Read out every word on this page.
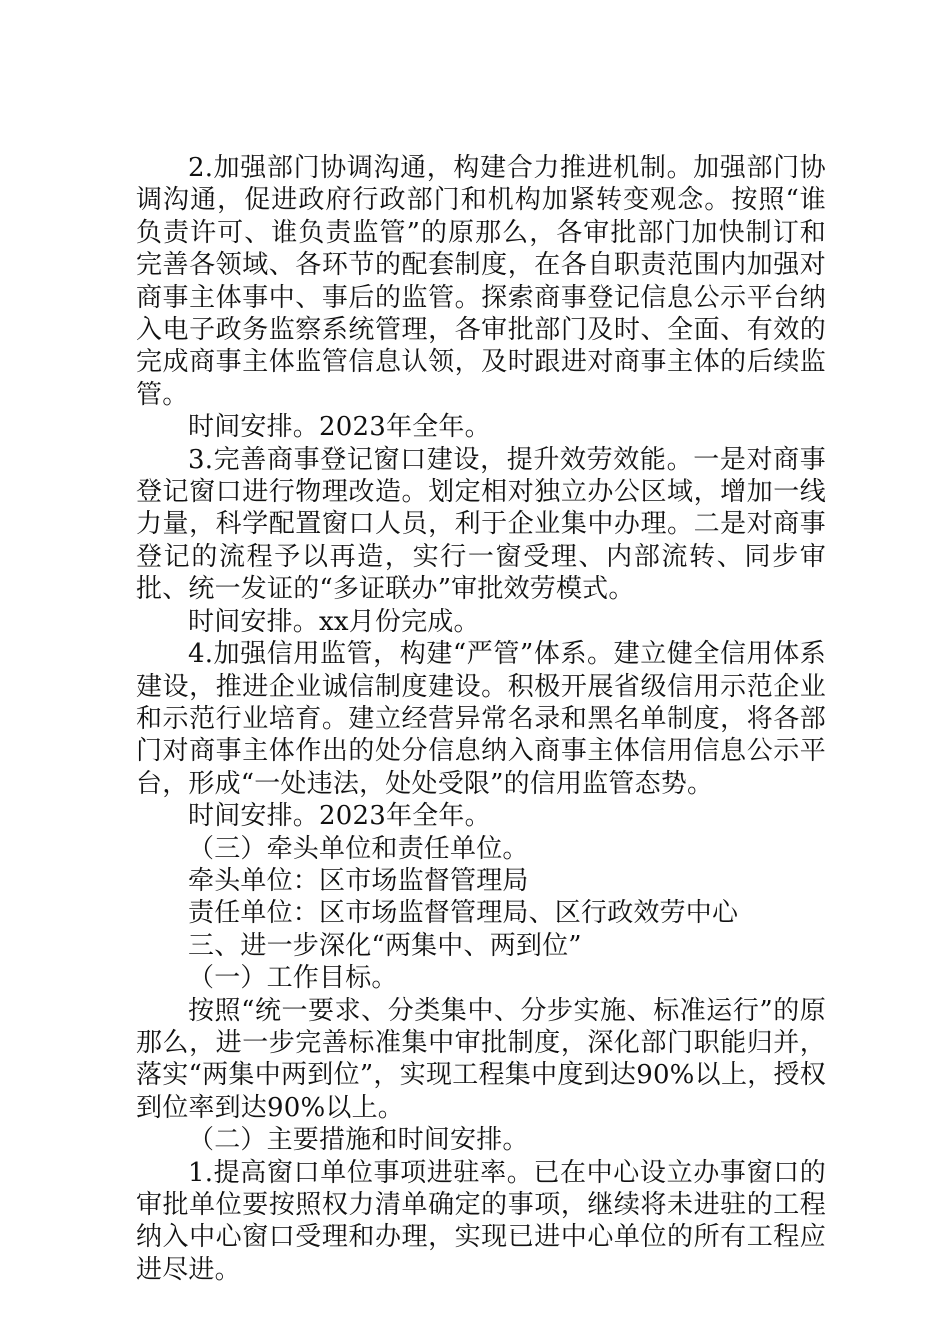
2.加强部门协调沟通，构建合力推进机制。加强部门协调沟通，促进政府行政部门和机构加紧转变观念。按照“谁负责许可、谁负责监管”的原那么，各审批部门加快制订和完善各领域、各环节的配套制度，在各自职责范围内加强对商事主体事中、事后的监管。探索商事登记信息公示平台纳入电子政务监察系统管理，各审批部门及时、全面、有效的完成商事主体监管信息认领，及时跟进对商事主体的后续监管。

时间安排。2023年全年。

3.完善商事登记窗口建设，提升效劳效能。一是对商事登记窗口进行物理改造。划定相对独立办公区域，增加一线力量，科学配置窗口人员，利于企业集中办理。二是对商事登记的流程予以再造，实行一窗受理、内部流转、同步审批、统一发证的“多证联办”审批效劳模式。

时间安排。xx月份完成。

4.加强信用监管，构建“严管”体系。建立健全信用体系建设，推进企业诚信制度建设。积极开展省级信用示范企业和示范行业培育。建立经营异常名录和黑名单制度，将各部门对商事主体作出的处分信息纳入商事主体信用信息公示平台，形成“一处违法，处处受限”的信用监管态势。

时间安排。2023年全年。

（三）牵头单位和责任单位。

牵头单位：区市场监督管理局

责任单位：区市场监督管理局、区行政效劳中心

三、进一步深化“两集中、两到位”

（一）工作目标。

按照“统一要求、分类集中、分步实施、标准运行”的原那么，进一步完善标准集中审批制度，深化部门职能归并，落实“两集中两到位”，实现工程集中度到达90%以上，授权到位率到达90%以上。

（二）主要措施和时间安排。

1.提高窗口单位事项进驻率。已在中心设立办事窗口的审批单位要按照权力清单确定的事项，继续将未进驻的工程纳入中心窗口受理和办理，实现已进中心单位的所有工程应进尽进。
